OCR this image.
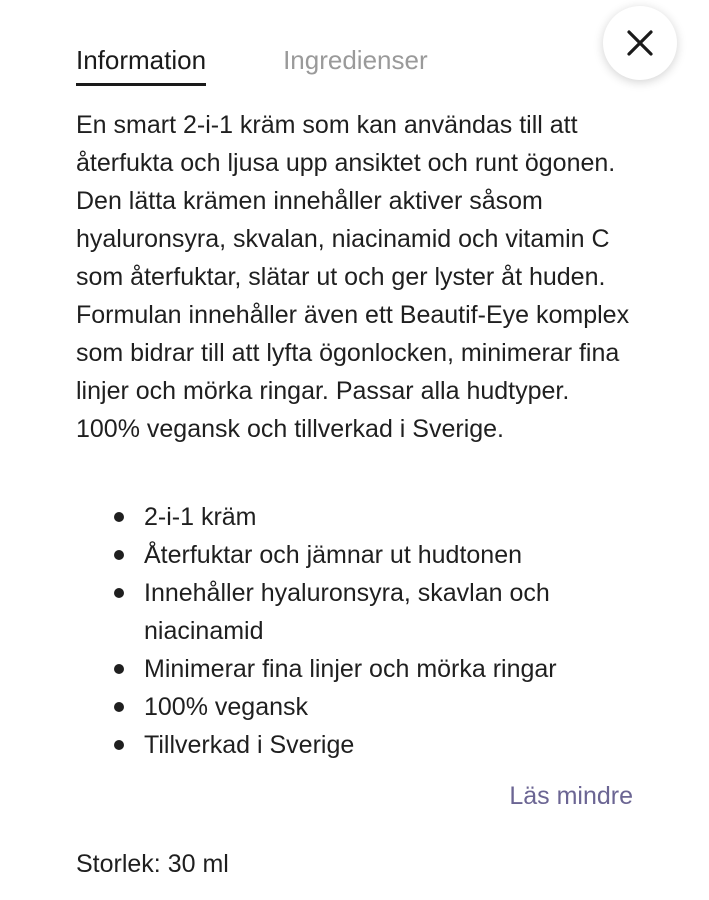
Information	Ingredienser

En smart 2-i-1 kräm som kan användas till att återfukta och ljusa upp ansiktet och runt ögonen. Den lätta krämen innehåller aktiver såsom hyaluronsyra, skvalan, niacinamid och vitamin C som återfuktar, slätar ut och ger lyster åt huden. Formulan innehåller även ett Beautif-Eye komplex som bidrar till att lyfta ögonlocken, minimerar fina linjer och mörka ringar. Passar alla hudtyper. 100% vegansk och tillverkad i Sverige.

2-i-1 kräm
Återfuktar och jämnar ut hudtonen
Innehåller hyaluronsyra, skavlan och niacinamid
Minimerar fina linjer och mörka ringar
100% vegansk
Tillverkad i Sverige
Läs mindre
Storlek: 30 ml
